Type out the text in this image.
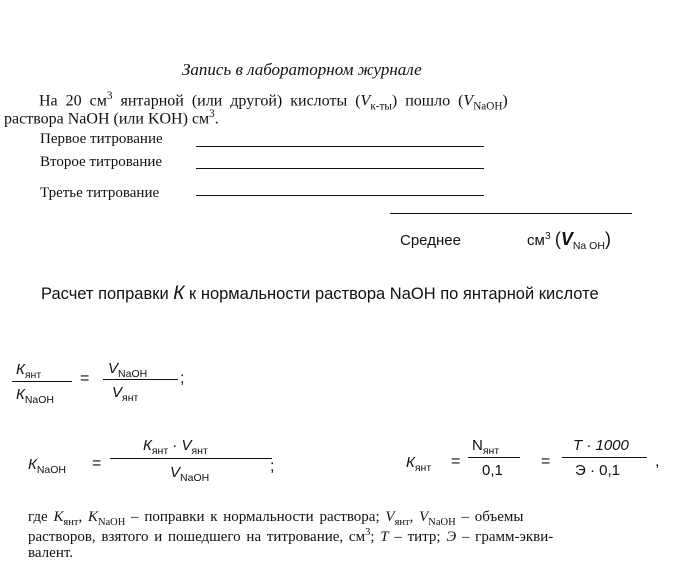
Запись в лабораторном журнале
На 20 $см^3$ янтарной (или другой) кислоты $(V_{к-ты})$ пошло $(V_{NaOH})$
раствора NaOH (или KOH) $см^3$.
Первое титрование
Второе титрование
Третье титрование
Среднее	$см^3$ $(V_{Na OH})$
Расчет поправки К к нормальности раствора NaOH по янтарной кислоте
$К_{янт}$
$К_{NaOH}$
=
$V_{NaOH}$
$V_{янт}$
;
$К_{NaOH}$ =
$К_{янт} \cdot V_{янт}$
$V_{NaOH}$
;	$К_{янт}$ =
$N_{янт}$
0,1
=
T · 1000
Э · 0,1
,
где $К_{янт}$, $К_{NaOH}$ – поправки к нормальности раствора; $V_{янт}$, $V_{NaOH}$ – объемы
растворов, взятого и пошедшего на титрование, $см^3$; T – титр; Э – грамм-экви-
валент.
